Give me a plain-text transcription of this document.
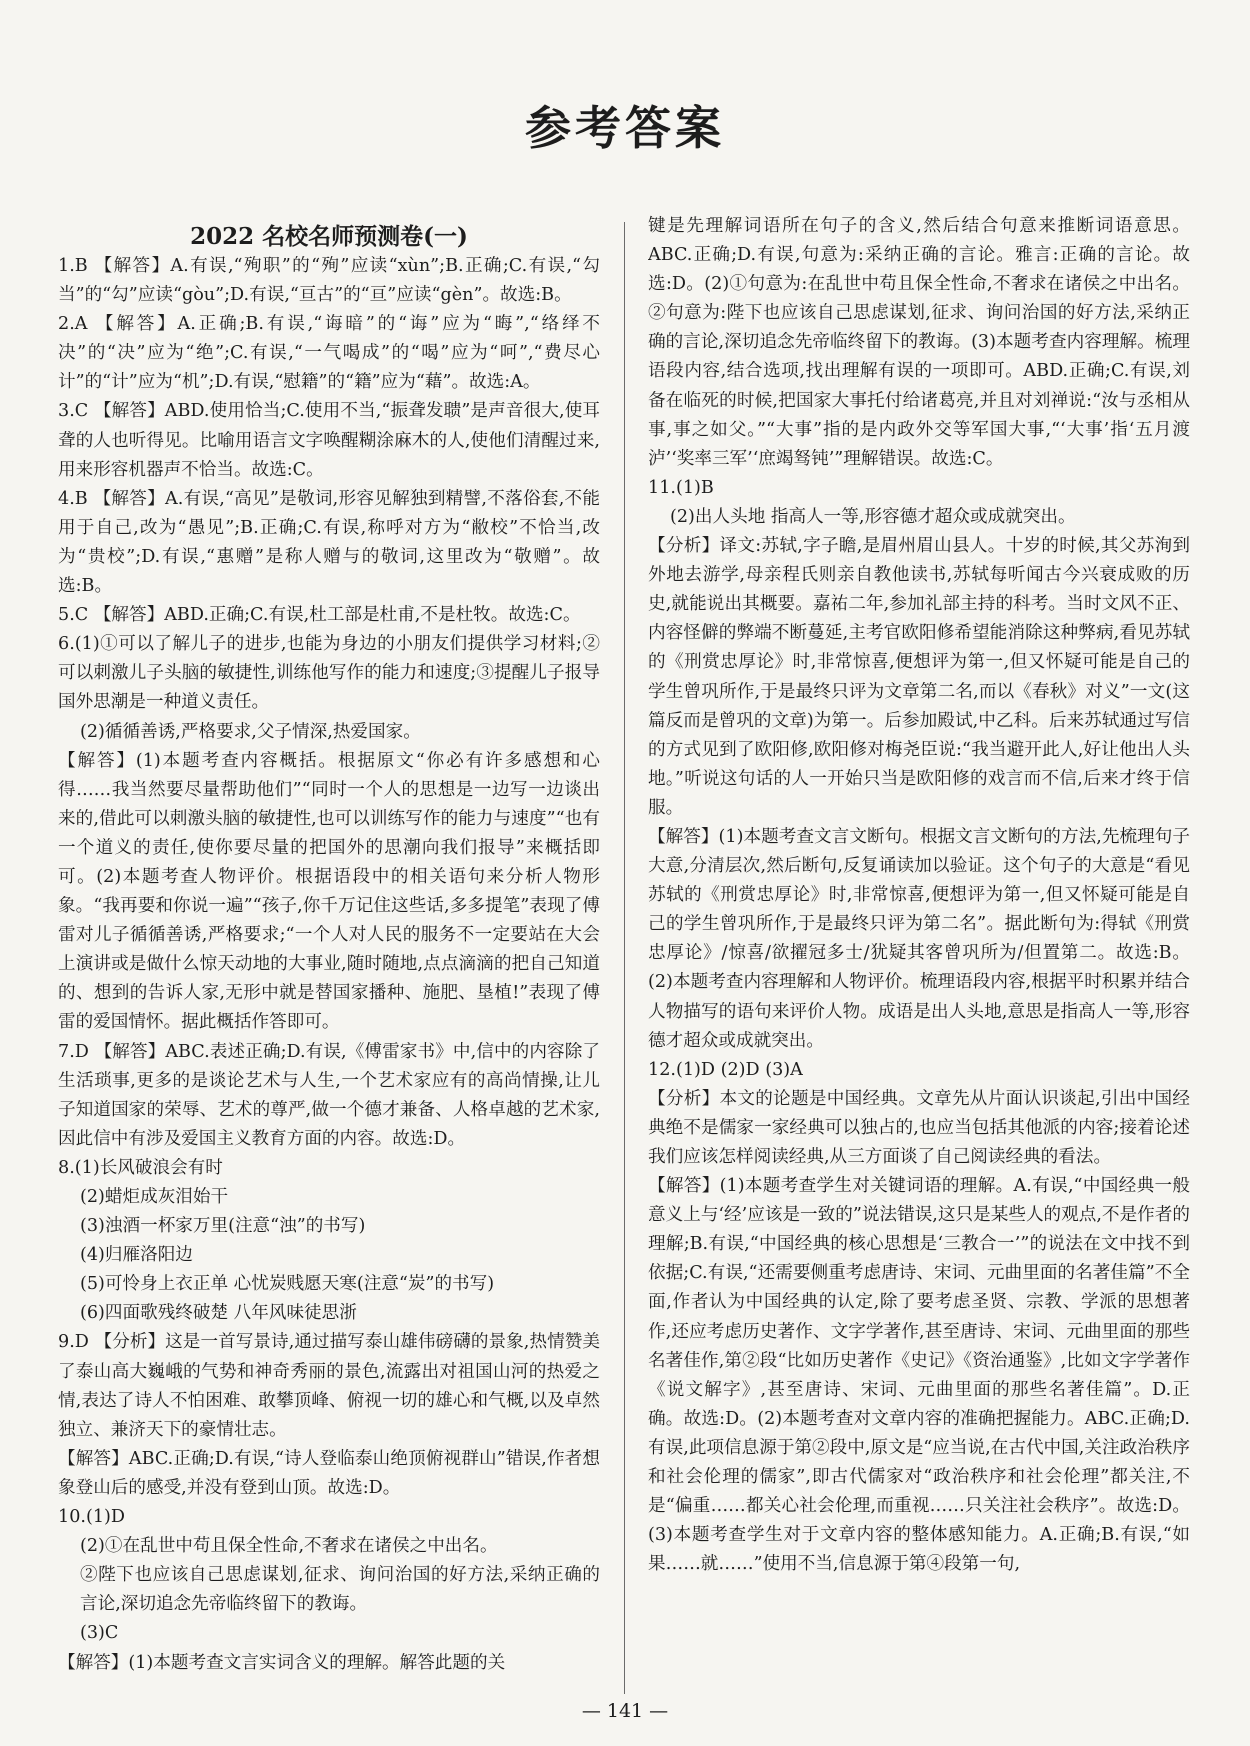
参考答案
2022 名校名师预测卷(一)

1.B 【解答】A.有误,“殉职”的“殉”应读“xùn”;B.正确;C.有误,“勾当”的“勾”应读“gòu”;D.有误,“亘古”的“亘”应读“gèn”。故选:B。

2.A 【解答】A.正确;B.有误,“诲暗”的“诲”应为“晦”,“络绎不决”的“决”应为“绝”;C.有误,“一气喝成”的“喝”应为“呵”,“费尽心计”的“计”应为“机”;D.有误,“慰籍”的“籍”应为“藉”。故选:A。

3.C 【解答】ABD.使用恰当;C.使用不当,“振聋发聩”是声音很大,使耳聋的人也听得见。比喻用语言文字唤醒糊涂麻木的人,使他们清醒过来,用来形容机器声不恰当。故选:C。

4.B 【解答】A.有误,“高见”是敬词,形容见解独到精譬,不落俗套,不能用于自己,改为“愚见”;B.正确;C.有误,称呼对方为“敝校”不恰当,改为“贵校”;D.有误,“惠赠”是称人赠与的敬词,这里改为“敬赠”。故选:B。

5.C 【解答】ABD.正确;C.有误,杜工部是杜甫,不是杜牧。故选:C。

6.(1)①可以了解儿子的进步,也能为身边的小朋友们提供学习材料;②可以刺激儿子头脑的敏捷性,训练他写作的能力和速度;③提醒儿子报导国外思潮是一种道义责任。

(2)循循善诱,严格要求,父子情深,热爱国家。

【解答】(1)本题考查内容概括。根据原文“你必有许多感想和心得……我当然要尽量帮助他们”“同时一个人的思想是一边写一边谈出来的,借此可以刺激头脑的敏捷性,也可以训练写作的能力与速度”“也有一个道义的责任,使你要尽量的把国外的思潮向我们报导”来概括即可。(2)本题考查人物评价。根据语段中的相关语句来分析人物形象。“我再要和你说一遍”“孩子,你千万记住这些话,多多提笔”表现了傅雷对儿子循循善诱,严格要求;“一个人对人民的服务不一定要站在大会上演讲或是做什么惊天动地的大事业,随时随地,点点滴滴的把自己知道的、想到的告诉人家,无形中就是替国家播种、施肥、垦植!”表现了傅雷的爱国情怀。据此概括作答即可。

7.D 【解答】ABC.表述正确;D.有误,《傅雷家书》中,信中的内容除了生活琐事,更多的是谈论艺术与人生,一个艺术家应有的高尚情操,让儿子知道国家的荣辱、艺术的尊严,做一个德才兼备、人格卓越的艺术家,因此信中有涉及爱国主义教育方面的内容。故选:D。

8.(1)长风破浪会有时

(2)蜡炬成灰泪始干

(3)浊酒一杯家万里(注意“浊”的书写)

(4)归雁洛阳边

(5)可怜身上衣正单 心忧炭贱愿天寒(注意“炭”的书写)

(6)四面歌残终破楚 八年风味徒思浙

9.D 【分析】这是一首写景诗,通过描写泰山雄伟磅礴的景象,热情赞美了泰山高大巍峨的气势和神奇秀丽的景色,流露出对祖国山河的热爱之情,表达了诗人不怕困难、敢攀顶峰、俯视一切的雄心和气概,以及卓然独立、兼济天下的豪情壮志。

【解答】ABC.正确;D.有误,“诗人登临泰山绝顶俯视群山”错误,作者想象登山后的感受,并没有登到山顶。故选:D。

10.(1)D

(2)①在乱世中苟且保全性命,不奢求在诸侯之中出名。

②陛下也应该自己思虑谋划,征求、询问治国的好方法,采纳正确的言论,深切追念先帝临终留下的教诲。

(3)C

【解答】(1)本题考查文言实词含义的理解。解答此题的关

键是先理解词语所在句子的含义,然后结合句意来推断词语意思。ABC.正确;D.有误,句意为:采纳正确的言论。雅言:正确的言论。故选:D。(2)①句意为:在乱世中苟且保全性命,不奢求在诸侯之中出名。②句意为:陛下也应该自己思虑谋划,征求、询问治国的好方法,采纳正确的言论,深切追念先帝临终留下的教诲。(3)本题考查内容理解。梳理语段内容,结合选项,找出理解有误的一项即可。ABD.正确;C.有误,刘备在临死的时候,把国家大事托付给诸葛亮,并且对刘禅说:“汝与丞相从事,事之如父。”“大事”指的是内政外交等军国大事,“‘大事’指‘五月渡泸’‘奖率三军’‘庶竭驽钝’”理解错误。故选:C。

11.(1)B

(2)出人头地 指高人一等,形容德才超众或成就突出。

【分析】译文:苏轼,字子瞻,是眉州眉山县人。十岁的时候,其父苏洵到外地去游学,母亲程氏则亲自教他读书,苏轼每听闻古今兴衰成败的历史,就能说出其概要。嘉祐二年,参加礼部主持的科考。当时文风不正、内容怪僻的弊端不断蔓延,主考官欧阳修希望能消除这种弊病,看见苏轼的《刑赏忠厚论》时,非常惊喜,便想评为第一,但又怀疑可能是自己的学生曾巩所作,于是最终只评为文章第二名,而以《春秋》对义”一文(这篇反而是曾巩的文章)为第一。后参加殿试,中乙科。后来苏轼通过写信的方式见到了欧阳修,欧阳修对梅尧臣说:“我当避开此人,好让他出人头地。”听说这句话的人一开始只当是欧阳修的戏言而不信,后来才终于信服。

【解答】(1)本题考查文言文断句。根据文言文断句的方法,先梳理句子大意,分清层次,然后断句,反复诵读加以验证。这个句子的大意是“看见苏轼的《刑赏忠厚论》时,非常惊喜,便想评为第一,但又怀疑可能是自己的学生曾巩所作,于是最终只评为第二名”。据此断句为:得轼《刑赏忠厚论》/惊喜/欲擢冠多士/犹疑其客曾巩所为/但置第二。故选:B。(2)本题考查内容理解和人物评价。梳理语段内容,根据平时积累并结合人物描写的语句来评价人物。成语是出人头地,意思是指高人一等,形容德才超众或成就突出。

12.(1)D (2)D (3)A

【分析】本文的论题是中国经典。文章先从片面认识谈起,引出中国经典绝不是儒家一家经典可以独占的,也应当包括其他派的内容;接着论述我们应该怎样阅读经典,从三方面谈了自己阅读经典的看法。

【解答】(1)本题考查学生对关键词语的理解。A.有误,“中国经典一般意义上与‘经’应该是一致的”说法错误,这只是某些人的观点,不是作者的理解;B.有误,“中国经典的核心思想是‘三教合一’”的说法在文中找不到依据;C.有误,“还需要侧重考虑唐诗、宋词、元曲里面的名著佳篇”不全面,作者认为中国经典的认定,除了要考虑圣贤、宗教、学派的思想著作,还应考虑历史著作、文字学著作,甚至唐诗、宋词、元曲里面的那些名著佳作,第②段“比如历史著作《史记》《资治通鉴》,比如文字学著作《说文解字》,甚至唐诗、宋词、元曲里面的那些名著佳篇”。D.正确。故选:D。(2)本题考查对文章内容的准确把握能力。ABC.正确;D.有误,此项信息源于第②段中,原文是“应当说,在古代中国,关注政治秩序和社会伦理的儒家”,即古代儒家对“政治秩序和社会伦理”都关注,不是“偏重……都关心社会伦理,而重视……只关注社会秩序”。故选:D。(3)本题考查学生对于文章内容的整体感知能力。A.正确;B.有误,“如果……就……”使用不当,信息源于第④段第一句,

— 141 —
